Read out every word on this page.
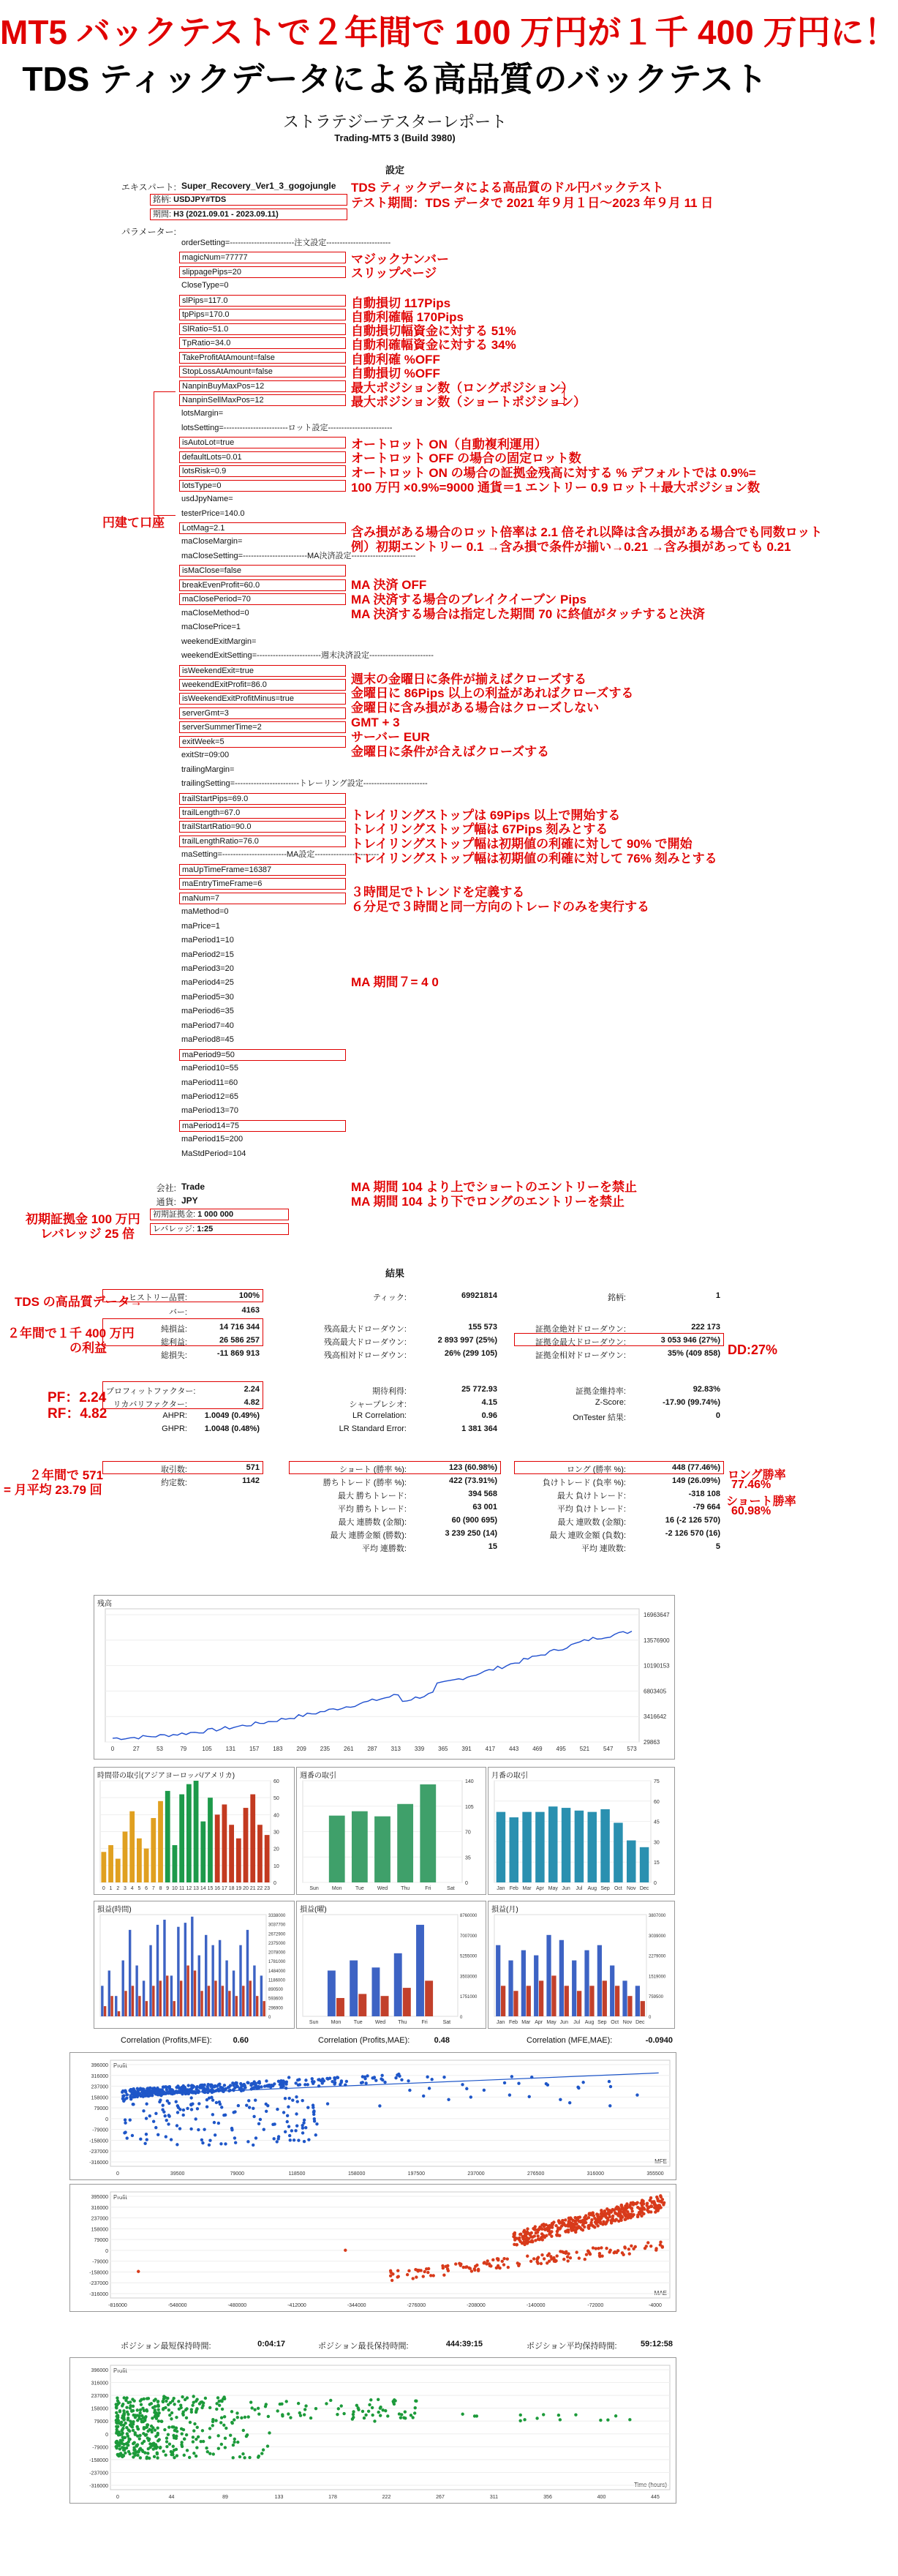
MT5 バックテストで２年間で 100 万円が１千 400 万円に！
TDS ティックデータによる高品質のバックテスト
ストラテジーテスターレポート
Trading-MT5 3 (Build 3980)
設定
エキスパート: Super_Recovery_Ver1_3_gogojungle
銘柄: USDJPY#TDS
期間: H3 (2021.09.01 - 2023.09.11)
パラメーター:
orderSetting=------------------------注文設定------------------------
magicNum=77777
slippagePips=20
CloseType=0
slPips=117.0
tpPips=170.0
SlRatio=51.0
TpRatio=34.0
TakeProfitAtAmount=false
StopLossAtAmount=false
NanpinBuyMaxPos=12
NanpinSellMaxPos=12
lotsMargin=
lotsSetting=------------------------ロット設定------------------------
isAutoLot=true
defaultLots=0.01
lotsRisk=0.9
lotsType=0
usdJpyName=
testerPrice=140.0
LotMag=2.1
maCloseMargin=
maCloseSetting=------------------------MA決済設定------------------------
isMaClose=false
breakEvenProfit=60.0
maClosePeriod=70
maCloseMethod=0
maClosePrice=1
weekendExitMargin=
weekendExitSetting=------------------------週末決済設定------------------------
isWeekendExit=true
weekendExitProfit=86.0
isWeekendExitProfitMinus=true
serverGmt=3
serverSummerTime=2
exitWeek=5
exitStr=09:00
trailingMargin=
trailingSetting=------------------------トレーリング設定------------------------
trailStartPips=69.0
trailLength=67.0
trailStartRatio=90.0
trailLengthRatio=76.0
maSetting=------------------------MA設定------------------------
maUpTimeFrame=16387
maEntryTimeFrame=6
maNum=7
maMethod=0
maPrice=1
maPeriod1=10
maPeriod2=15
maPeriod3=20
maPeriod4=25
maPeriod5=30
maPeriod6=35
maPeriod7=40
maPeriod8=45
maPeriod9=50
maPeriod10=55
maPeriod11=60
maPeriod12=65
maPeriod13=70
maPeriod14=75
maPeriod15=200
MaStdPeriod=104
TDS ティックデータによる高品質のドル円バックテスト
テスト期間：TDS データで 2021 年９月１日〜2023 年９月 11 日
マジックナンバー
スリップページ
自動損切 117Pips
自動利確幅 170Pips
自動損切幅資金に対する 51%
自動利確幅資金に対する 34%
自動利確 %OFF
自動損切 %OFF
最大ポジション数（ロングポジション）
最大ポジション数（ショートポジション）
オートロット ON（自動複利運用）
オートロット OFF の場合の固定ロット数
オートロット ON の場合の証拠金残高に対する % デフォルトでは 0.9%=
100 万円 ×0.9%=9000 通貨＝1 エントリー 0.9 ロット＋最大ポジション数
含み損がある場合のロット倍率は 2.1 倍それ以降は含み損がある場合でも同数ロット
例）初期エントリー 0.1 →含み損で条件が揃い→0.21 →含み損があっても 0.21
MA 決済 OFF
MA 決済する場合のブレイクイーブン Pips
MA 決済する場合は指定した期間 70 に終値がタッチすると決済
週末の金曜日に条件が揃えばクローズする
金曜日に 86Pips 以上の利益があればクローズする
金曜日に含み損がある場合はクローズしない
GMT + 3
サーバー EUR
金曜日に条件が合えばクローズする
トレイリングストップは 69Pips 以上で開始する
トレイリングストップ幅は 67Pips 刻みとする
トレイリングストップ幅は初期値の利確に対して 90% で開始
トレイリングストップ幅は初期値の利確に対して 76% 刻みとする
３時間足でトレンドを定義する
６分足で３時間と同一方向のトレードのみを実行する
MA 期間７= 4 0
MA 期間 104 より上でショートのエントリーを禁止
MA 期間 104 より下でロングのエントリーを禁止
初期証拠金: 1 000 000
レバレッジ: 1:25
会社: Trade
通貨: JPY
円建て口座
初期証拠金 100 万円
レバレッジ 25 倍
TDS の高品質データ→
２年間で１千 400 万円
の利益
PF：2.24
RF：4.82
２年間で 571
= 月平均 23.79 回
DD:27%
ロング勝率
77.46%
ショート勝率
60.98%
結果
ヒストリー品質:	100%	ティック:	69921814	銘柄:	1
バー:	4163
純損益:	14 716 344	残高最大ドローダウン:	155 573	証拠金絶対ドローダウン:	222 173
総利益:	26 586 257	残高最大ドローダウン:	2 893 997 (25%)	証拠金最大ドローダウン:	3 053 946 (27%)
総損失:	-11 869 913	残高相対ドローダウン:	26% (299 105)	証拠金相対ドローダウン:	35% (409 858)
プロフィットファクター:	2.24	期待利得:	25 772.93	証拠金維持率:	92.83%
リカバリファクター:	4.82	シャープレシオ:	4.15	Z-Score:	-17.90 (99.74%)
AHPR:	1.0049 (0.49%)	LR Correlation:	0.96	OnTester 結果:	0
GHPR:	1.0048 (0.48%)	LR Standard Error:	1 381 364
取引数:	571	ショート (勝率 %):	123 (60.98%)	ロング (勝率 %):	448 (77.46%)
約定数:	1142	勝ちトレード (勝率 %):	422 (73.91%)	負けトレード (負率 %):	149 (26.09%)
最大 勝ちトレード:	394 568	最大 負けトレード:	-318 108
平均 勝ちトレード:	63 001	平均 負けトレード:	-79 664
最大 連勝数 (金額):	60 (900 695)	最大 連敗数 (金額):	16 (-2 126 570)
最大 連勝金額 (勝数):	3 239 250 (14)	最大 連敗金額 (負数):	-2 126 570 (16)
平均 連勝数:	15	平均 連敗数:	5
残高
16963647
13576900
10190153
6803405
3416642
29863
0	27	53	79	105 131 157 183 209 235 261 287 313 339 365 391 417 443 469 495 521 547 573
時間帯の取引(アジアヨーロッパ/アメリカ)
0
10
20
30
40
50
60
0 1 2 3 4 5 6 7 8 9 10 11 12 13 14 15 16 17 18 19 20 21 22 23
週番の取引
0
35
70
105
140
Sun	Mon	Tue	Wed	Thu	Fri	Sat
月番の取引
0
15
30
45
60
75
Jan Feb Mar Apr May Jun Jul Aug Sep Oct Nov Dec
損益(時間)
3338000
3037700
2672900
2375000
2078000
1781000
1484000
1186000
890500
593600
296900
0
損益(曜)
8760000
7007000
5255000
3503000
1751000
0
Sun Mon	Tue Wed Thu	Fri	Sat
損益(月)
3807000
3039000
2279000
1519000
759500
0
Jan Feb Mar Apr May Jun Jul Aug Sep Oct Nov Dec
Correlation (Profits,MFE):	0.60	Correlation (Profits,MAE):	0.48	Correlation (MFE,MAE):	-0.0940
Profit
MFE
396000
316000
237000
158000
79000
0
-79000
-158000
-237000
-316000
0	39500	79000	118500	158000	197500	237000	276500	316000	355500
Profit
MAE
395000
316000
237000
158000
79000
0
-79000
-158000
-237000
-316000
-816000	-548000	-480000	-412000	-344000	-276000	-208000	-140000	-72000	-4000
ポジション最短保持時間:	0:04:17	ポジション最長保持時間:	444:39:15	ポジション平均保持時間:	59:12:58
Profit
Time (hours)
396000
316000
237000
158000
79000
0
-79000
-158000
-237000
-316000
0	44	89	133	178	222	267	311	356	400	445
